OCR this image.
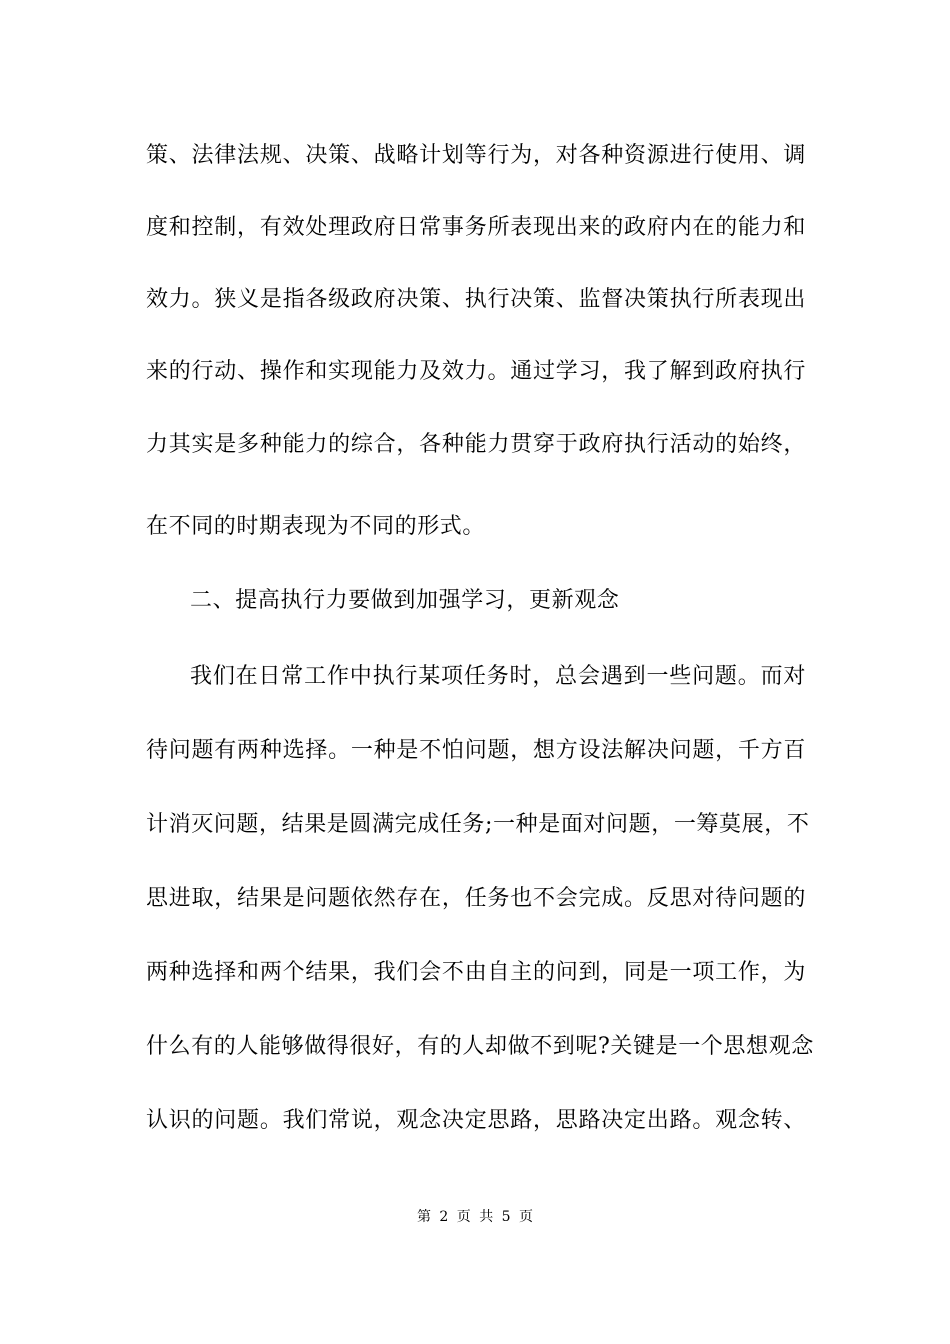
策、法律法规、决策、战略计划等行为，对各种资源进行使用、调
度和控制，有效处理政府日常事务所表现出来的政府内在的能力和
效力。狭义是指各级政府决策、执行决策、监督决策执行所表现出
来的行动、操作和实现能力及效力。通过学习，我了解到政府执行
力其实是多种能力的综合，各种能力贯穿于政府执行活动的始终，
在不同的时期表现为不同的形式。
二、提高执行力要做到加强学习，更新观念
我们在日常工作中执行某项任务时，总会遇到一些问题。而对
待问题有两种选择。一种是不怕问题，想方设法解决问题，千方百
计消灭问题，结果是圆满完成任务;一种是面对问题，一筹莫展，不
思进取，结果是问题依然存在，任务也不会完成。反思对待问题的
两种选择和两个结果，我们会不由自主的问到，同是一项工作，为
什么有的人能够做得很好，有的人却做不到呢?关键是一个思想观念
认识的问题。我们常说，观念决定思路，思路决定出路。观念转、
第 2 页 共 5 页
